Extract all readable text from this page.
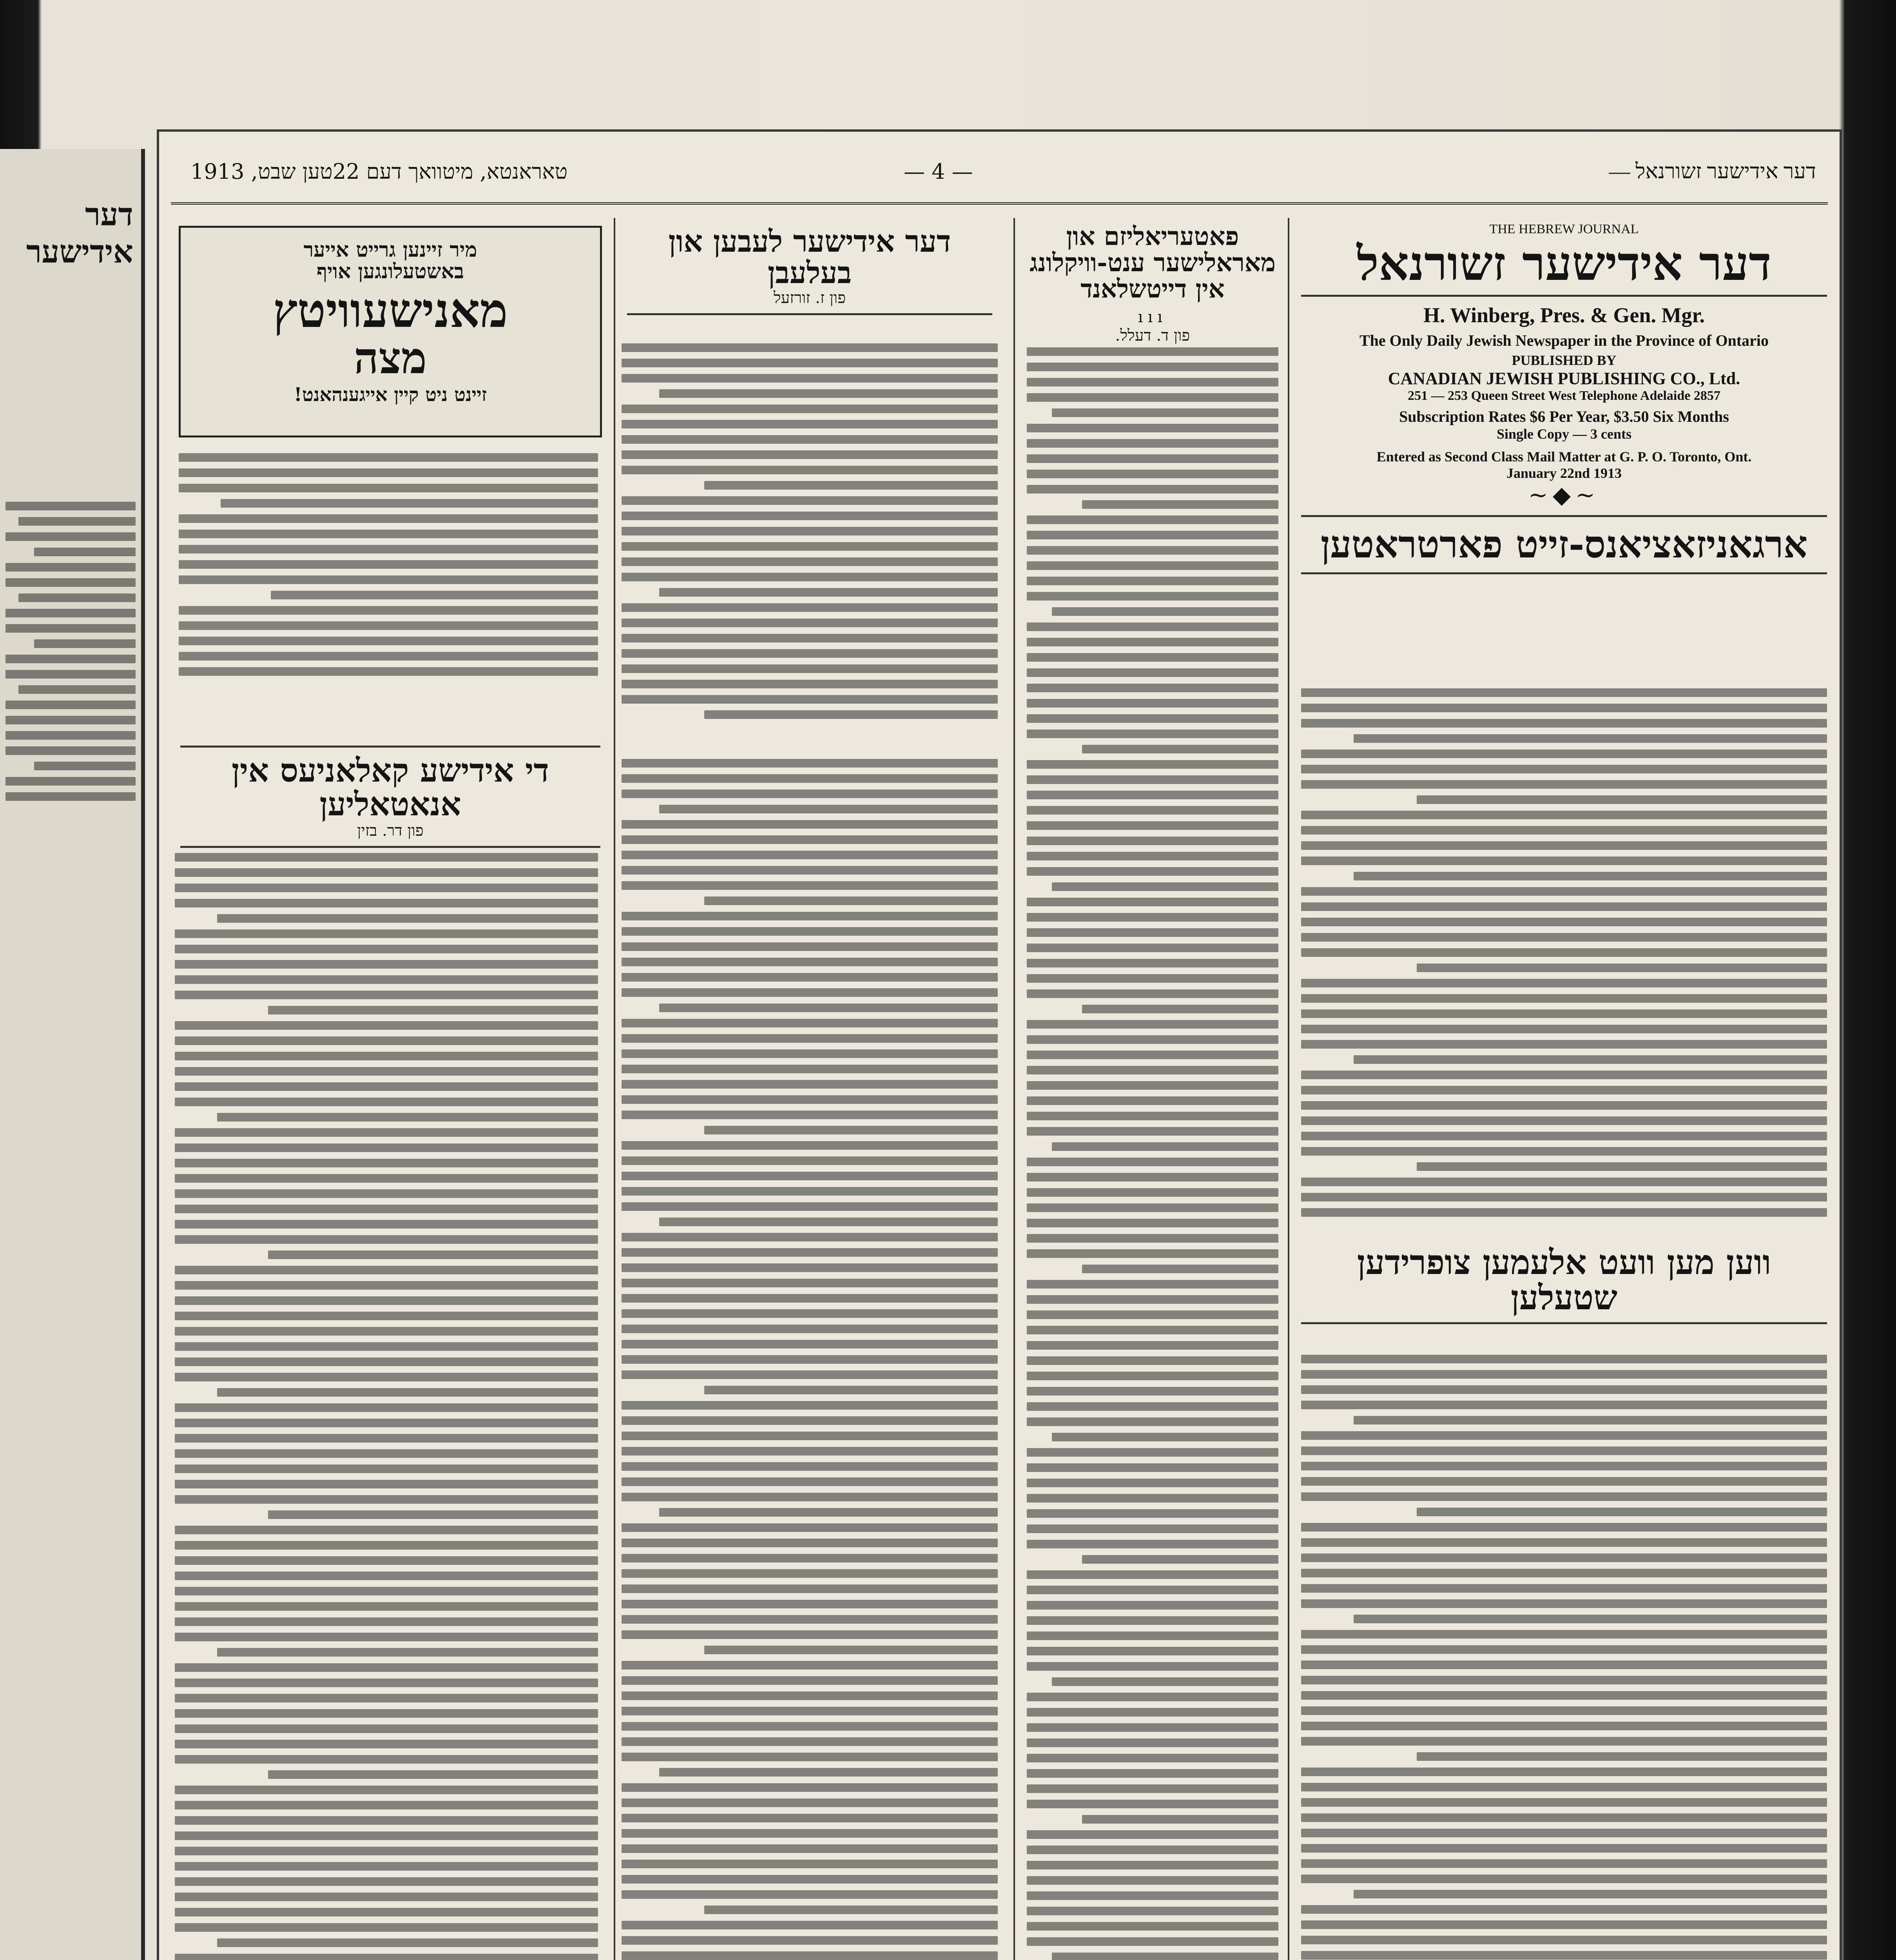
דער אידישער
דער אידישער זשורנאל —
— 4 —
טאראנטא, מיטוואך דעם 22טען שבט, 1913
THE HEBREW JOURNAL
דער אידישער זשורנאל
H. Winberg, Pres. & Gen. Mgr.
The Only Daily Jewish Newspaper in the Province of Ontario
PUBLISHED BY
CANADIAN JEWISH PUBLISHING CO., Ltd.
251 — 253 Queen Street West Telephone Adelaide 2857
Subscription Rates $6 Per Year, $3.50 Six Months
Single Copy — 3 cents
Entered as Second Class Mail Matter at G. P. O. Toronto, Ont.
January 22nd 1913
~◆~
ארגאניזאציאנס-זייט פארטראטען
ווען מען וועט אלעמען צופרידען שטעלען
פאטעריאליזם און מאראלישער ענט-וויקלונג אין דייטשלאנד
ııı
פון ד. דעלל.
מיר זיינען גרייט אייער
באשטעלונגען אויף
מאנישעוויטץ
מצה
זיינט ניט קיין אייגענהאנט!
דער אידישער לעבען און בעלעבן
פון ז. זורזעל
די אידישע קאלאניעס אין אנאטאליען
פון דר. בזין
